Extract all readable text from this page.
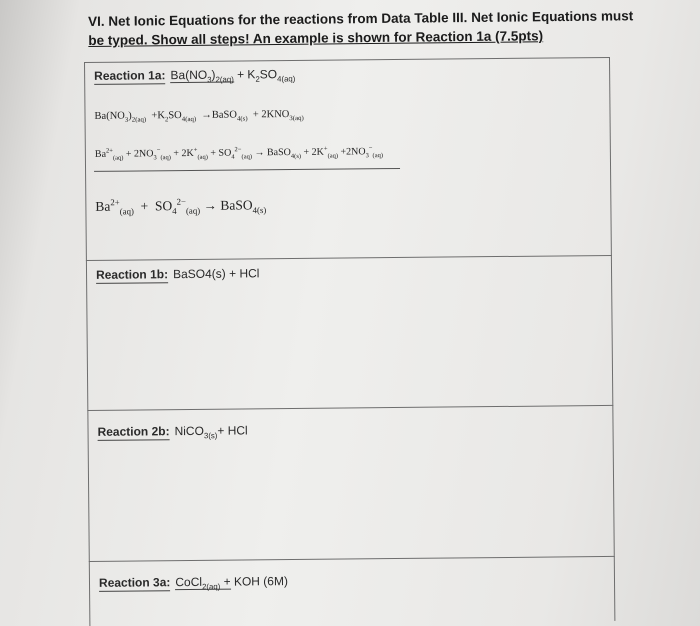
VI. Net Ionic Equations for the reactions from Data Table III. Net Ionic Equations must
be typed. Show all steps! An example is shown for Reaction 1a (7.5pts)
Reaction 1a: $Ba(NO_3)_{2(aq)} + K_2SO_{4(aq)}$
$Ba(NO_3)_{2(aq)} +K_2SO_{4(aq)}$  →BaSO$_{4(s)}$  + $2KNO_{3(aq)}$
$Ba^{2+}_{(aq)} + 2NO_3^-_{(aq)} + 2K^+_{(aq)} + SO_4^{2-}_{(aq)}$ → BaSO$_{4(s)}$ + $2K^+_{(aq)} +2NO_3^-_{(aq)}$
$Ba^{2+}_{(aq)} + SO_4^{2-}_{(aq)}$ → BaSO$_{4(s)}$
Reaction 1b: BaSO4(s) + HCl
Reaction 2b: NiCO$_{3(s)}$+ HCl
Reaction 3a: CoCl$_{2(aq)}$ + KOH (6M)
